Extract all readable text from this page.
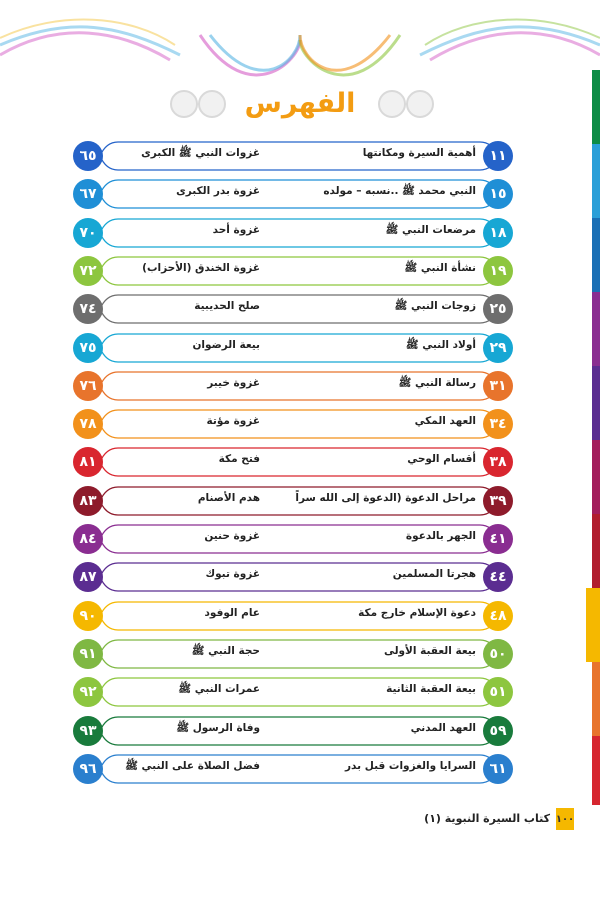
الفهرس
١١
أهمية السيرة ومكانتها
غزوات النبي ﷺ الكبرى
٦٥
١٥
النبي محمد ﷺ ..نسبه – مولده
غزوة بدر الكبرى
٦٧
١٨
مرضعات النبي ﷺ
غزوة أحد
٧٠
١٩
نشأة النبي ﷺ
غزوة الخندق (الأحزاب)
٧٢
٢٥
زوجات النبي ﷺ
صلح الحديبية
٧٤
٢٩
أولاد النبي ﷺ
بيعة الرضوان
٧٥
٣١
رسالة النبي ﷺ
غزوة خيبر
٧٦
٣٤
العهد المكي
غزوة مؤتة
٧٨
٣٨
أقسام الوحي
فتح مكة
٨١
٣٩
مراحل الدعوة (الدعوة إلى الله سراً
هدم الأصنام
٨٣
٤١
الجهر بالدعوة
غزوة حنين
٨٤
٤٤
هجرتا المسلمين
غزوة تبوك
٨٧
٤٨
دعوة الإسلام خارج مكة
عام الوفود
٩٠
٥٠
بيعة العقبة الأولى
حجة النبي ﷺ
٩١
٥١
بيعة العقبة الثانية
عمرات النبي ﷺ
٩٢
٥٩
العهد المدني
وفاة الرسول ﷺ
٩٣
٦١
السرايا والغزوات قبل بدر
فضل الصلاة على النبي ﷺ
٩٦
١٠٠
كتاب السيرة النبوية (١)
